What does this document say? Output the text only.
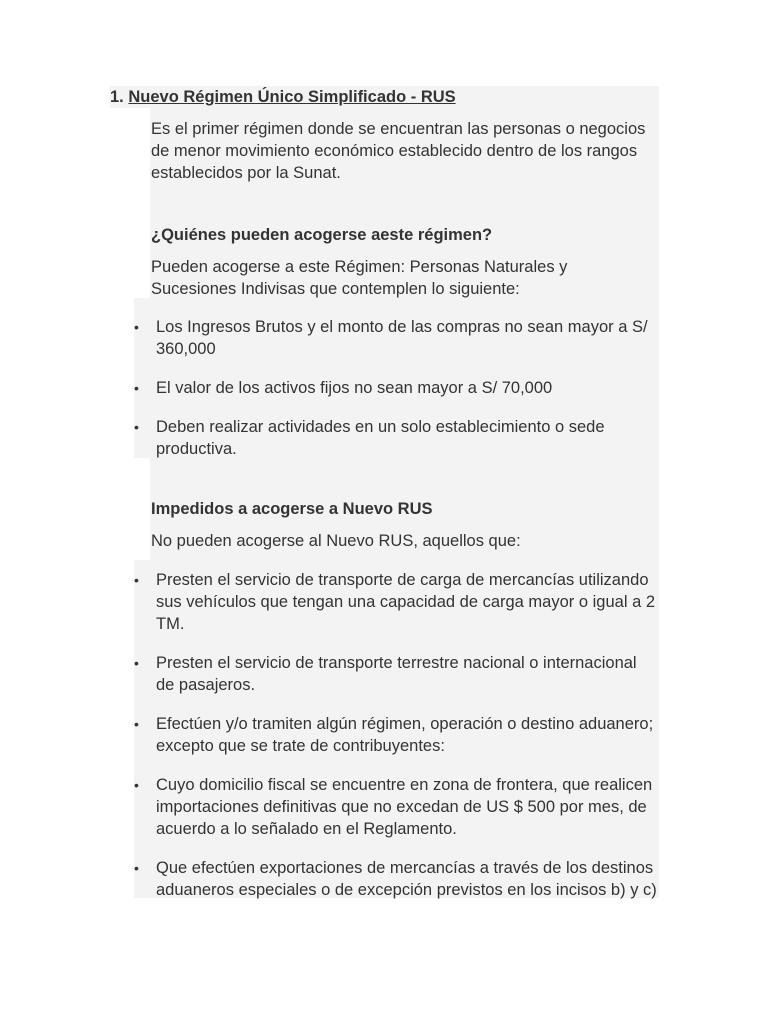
1. Nuevo Régimen Único Simplificado - RUS
Es el primer régimen donde se encuentran las personas o negocios de menor movimiento económico establecido dentro de los rangos establecidos por la Sunat.
¿Quiénes pueden acogerse aeste régimen?
Pueden acogerse a este Régimen: Personas Naturales y Sucesiones Indivisas que contemplen lo siguiente:
• Los Ingresos Brutos y el monto de las compras no sean mayor a S/ 360,000
• El valor de los activos fijos no sean mayor a S/ 70,000
• Deben realizar actividades en un solo establecimiento o sede productiva.
Impedidos a acogerse a Nuevo RUS
No pueden acogerse al Nuevo RUS, aquellos que:
• Presten el servicio de transporte de carga de mercancías utilizando sus vehículos que tengan una capacidad de carga mayor o igual a 2 TM.
• Presten el servicio de transporte terrestre nacional o internacional de pasajeros.
• Efectúen y/o tramiten algún régimen, operación o destino aduanero; excepto que se trate de contribuyentes:
• Cuyo domicilio fiscal se encuentre en zona de frontera, que realicen importaciones definitivas que no excedan de US $ 500 por mes, de acuerdo a lo señalado en el Reglamento.
• Que efectúen exportaciones de mercancías a través de los destinos aduaneros especiales o de excepción previstos en los incisos b) y c)
